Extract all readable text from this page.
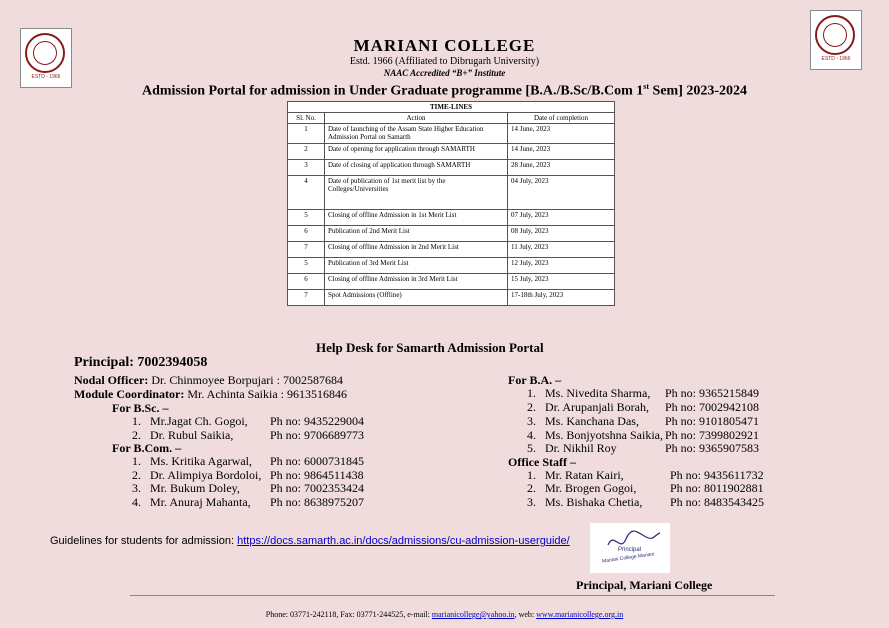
ESTD - 1966
ESTD - 1966
MARIANI COLLEGE
Estd. 1966 (Affiliated to Dibrugarh University)
NAAC Accredited “B+” Institute
Admission Portal for admission in Under Graduate programme [B.A./B.Sc/B.Com 1st Sem] 2023-2024
TIME-LINES		
Sl. No.	Action	Date of completion
1	Date of launching of the Assam State Higher Education Admission Portal on Samarth	14 June, 2023
2	Date of opening for application through SAMARTH	14 June, 2023
3	Date of closing of application through SAMARTH	28 June, 2023
4	Date of publication of 1st merit list by the Colleges/Universities	04 July, 2023
5	Closing of offline Admission in 1st Merit List	07 July, 2023
6	Publication of 2nd Merit List	08 July, 2023
7	Closing of offline Admission in 2nd Merit List	11 July, 2023
5	Publication of 3rd Merit List	12 July, 2023
6	Closing of offline Admission in 3rd Merit List	15 July, 2023
7	Spot Admissions (Offline)	17-18th July, 2023
Help Desk for Samarth Admission Portal
Principal: 7002394058
Nodal Officer: Dr. Chinmoyee Borpujari : 7002587684
Module Coordinator: Mr. Achinta Saikia : 9613516846
For B.Sc. –
1. Mr.Jagat Ch. Gogoi, Ph no: 9435229004
2. Dr. Rubul Saikia,	Ph no: 9706689773
For B.Com. –
1. Ms. Kritika Agarwal, Ph no: 6000731845
2. Dr. Alimpiya Bordoloi, Ph no: 9864511438
3. Mr. Bukum Doley,	Ph no: 7002353424
4. Mr. Anuraj Mahanta, Ph no: 8638975207
For B.A. –
1. Ms. Nivedita Sharma, Ph no: 9365215849
2. Dr. Arupanjali Borah, Ph no: 7002942108
3. Ms. Kanchana Das, Ph no: 9101805471
4. Ms. Bonjyotshna Saikia, Ph no: 7399802921
5. Dr. Nikhil Roy	Ph no: 9365907583
Office Staff –
1. Mr. Ratan Kairi,	Ph no: 9435611732
2. Mr. Brogen Gogoi,	Ph no: 8011902881
3. Ms. Bishaka Chetia, Ph no: 8483543425
Guidelines for students for admission: https://docs.samarth.ac.in/docs/admissions/cu-admission-userguide/
Principal
Mariani College Mariani
Principal, Mariani College
Phone: 03771-242118, Fax: 03771-244525, e-mail: marianicollege@yahoo.in, web: www.marianicollege.org.in
